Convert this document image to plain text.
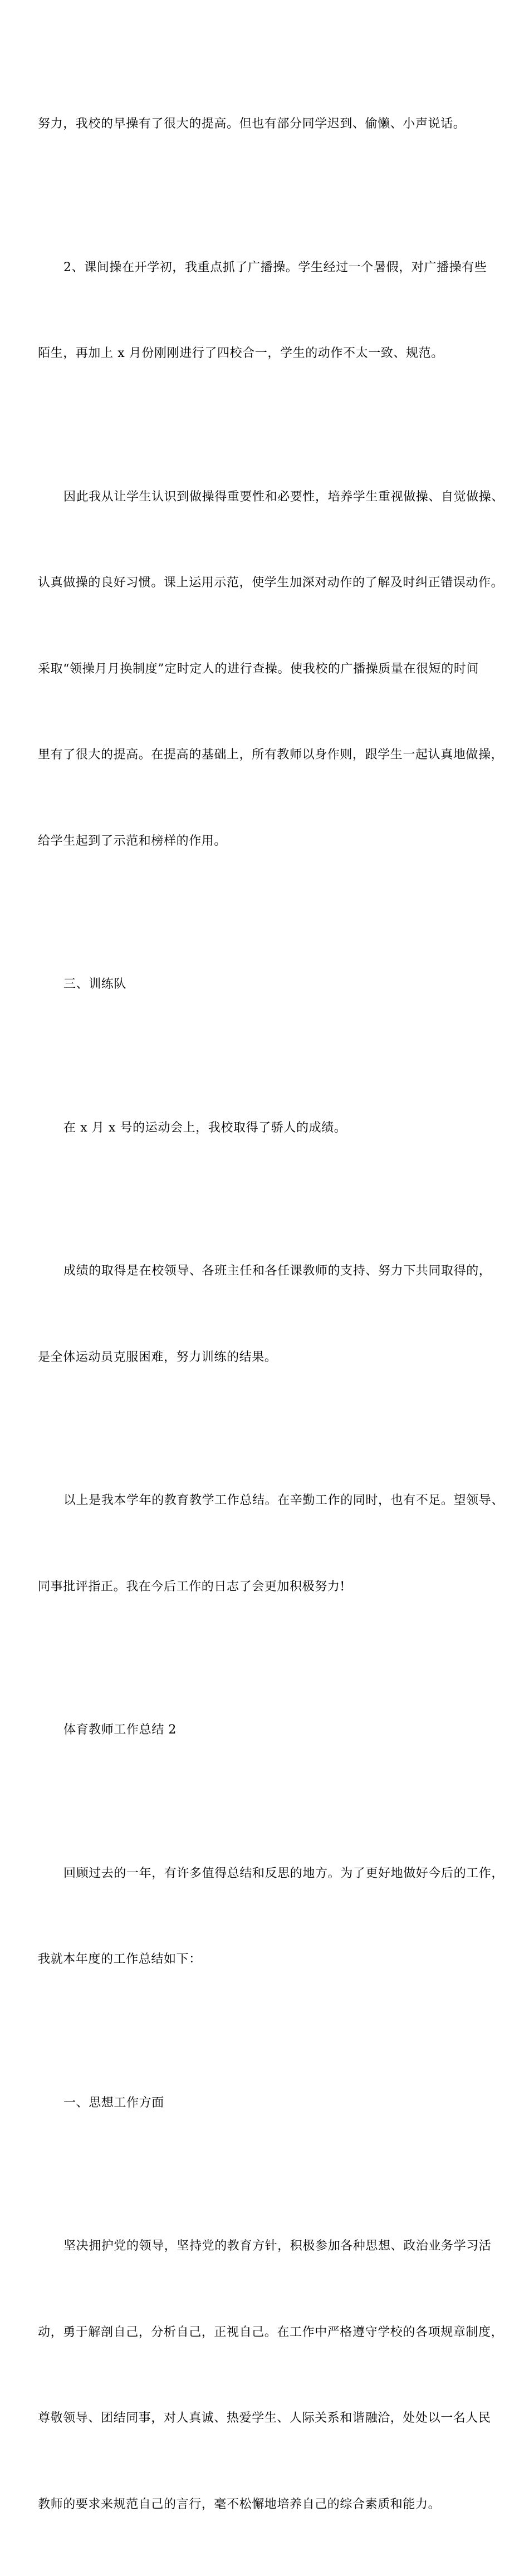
努力，我校的早操有了很大的提高。但也有部分同学迟到、偷懒、小声说话。

2、课间操在开学初，我重点抓了广播操。学生经过一个暑假，对广播操有些

陌生，再加上 x 月份刚刚进行了四校合一，学生的动作不太一致、规范。

因此我从让学生认识到做操得重要性和必要性，培养学生重视做操、自觉做操、

认真做操的良好习惯。课上运用示范，使学生加深对动作的了解及时纠正错误动作。

采取“领操月月换制度”定时定人的进行查操。使我校的广播操质量在很短的时间

里有了很大的提高。在提高的基础上，所有教师以身作则，跟学生一起认真地做操，

给学生起到了示范和榜样的作用。

三、训练队

在 x 月 x 号的运动会上，我校取得了骄人的成绩。

成绩的取得是在校领导、各班主任和各任课教师的支持、努力下共同取得的，

是全体运动员克服困难，努力训练的结果。

以上是我本学年的教育教学工作总结。在辛勤工作的同时，也有不足。望领导、

同事批评指正。我在今后工作的日志了会更加积极努力!

体育教师工作总结 2

回顾过去的一年，有许多值得总结和反思的地方。为了更好地做好今后的工作，

我就本年度的工作总结如下：

一、思想工作方面

坚决拥护党的领导，坚持党的教育方针，积极参加各种思想、政治业务学习活

动，勇于解剖自己，分析自己，正视自己。在工作中严格遵守学校的各项规章制度，

尊敬领导、团结同事，对人真诚、热爱学生、人际关系和谐融洽，处处以一名人民

教师的要求来规范自己的言行，毫不松懈地培养自己的综合素质和能力。
